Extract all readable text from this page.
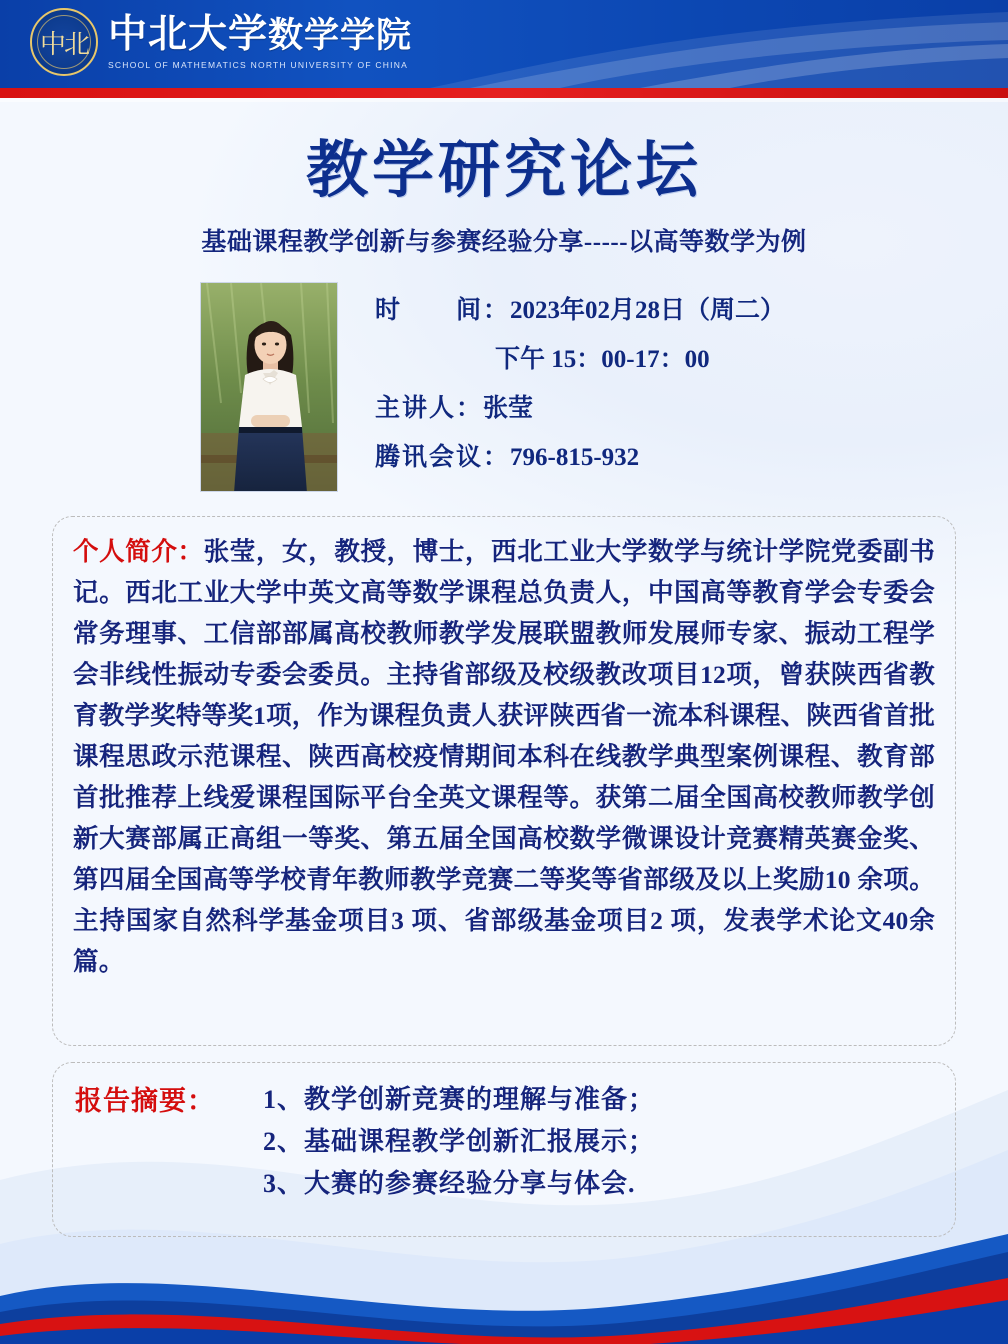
中北 中北大学数学学院
SCHOOL OF MATHEMATICS NORTH UNIVERSITY OF CHINA
教学研究论坛
基础课程教学创新与参赛经验分享-----以高等数学为例
时　　间：2023年02月28日（周二）
下午 15：00-17：00
主讲人：张莹
腾讯会议：796-815-932
个人简介：张莹，女，教授，博士，西北工业大学数学与统计学院党委副书记。西北工业大学中英文高等数学课程总负责人，中国高等教育学会专委会常务理事、工信部部属高校教师教学发展联盟教师发展师专家、振动工程学会非线性振动专委会委员。主持省部级及校级教改项目12项，曾获陕西省教育教学奖特等奖1项，作为课程负责人获评陕西省一流本科课程、陕西省首批课程思政示范课程、陕西高校疫情期间本科在线教学典型案例课程、教育部首批推荐上线爱课程国际平台全英文课程等。获第二届全国高校教师教学创新大赛部属正高组一等奖、第五届全国高校数学微课设计竞赛精英赛金奖、第四届全国高等学校青年教师教学竞赛二等奖等省部级及以上奖励10 余项。主持国家自然科学基金项目3 项、省部级基金项目2 项，发表学术论文40余篇。
报告摘要： 1、教学创新竞赛的理解与准备；
2、基础课程教学创新汇报展示；
3、大赛的参赛经验分享与体会.
